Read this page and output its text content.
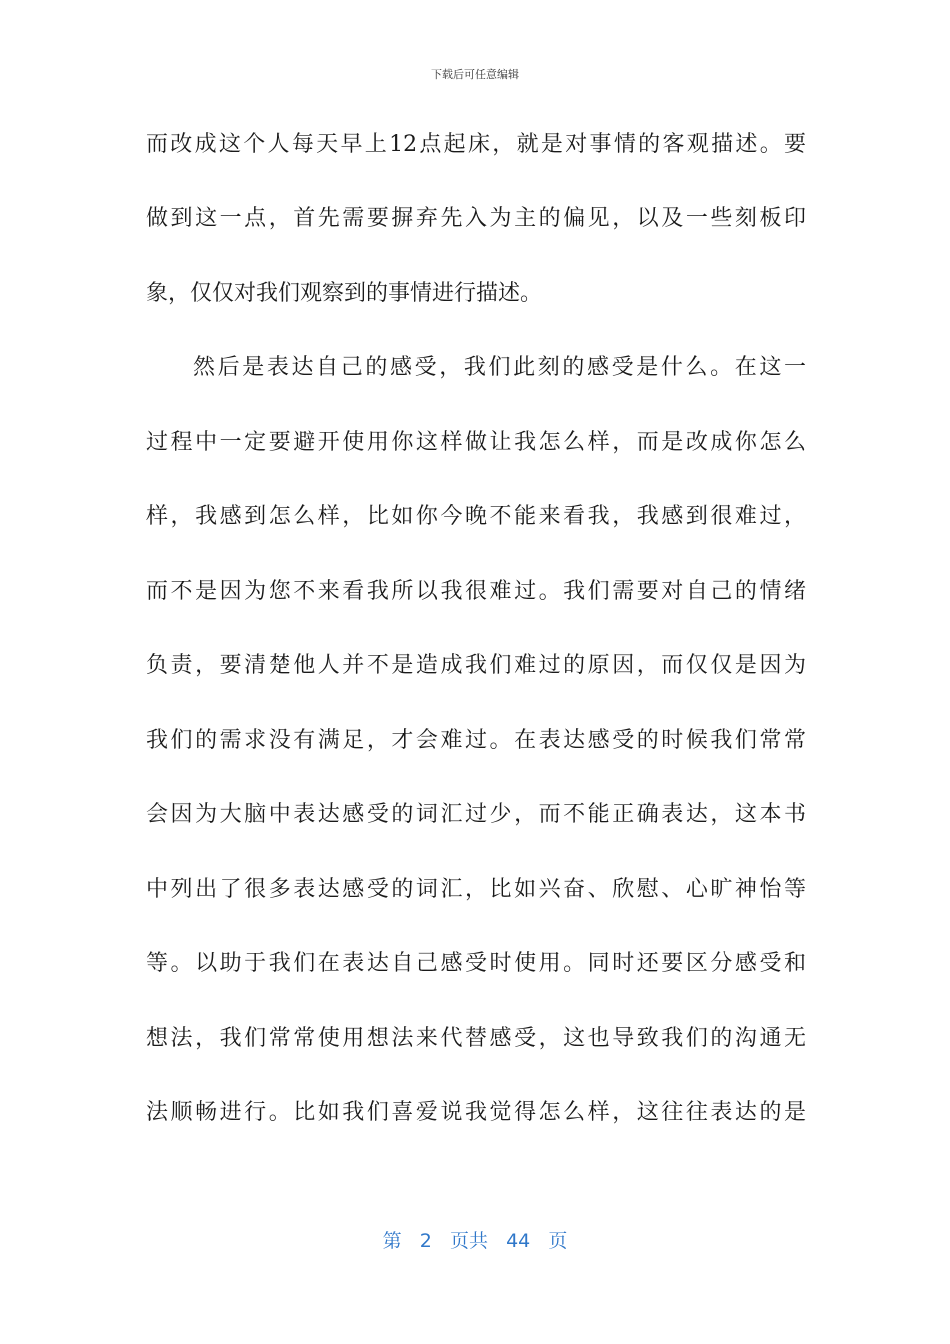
下载后可任意编辑
而改成这个人每天早上12点起床，就是对事情的客观描述。要
做到这一点，首先需要摒弃先入为主的偏见，以及一些刻板印
象，仅仅对我们观察到的事情进行描述。
然后是表达自己的感受，我们此刻的感受是什么。在这一
过程中一定要避开使用你这样做让我怎么样，而是改成你怎么
样，我感到怎么样，比如你今晚不能来看我，我感到很难过，
而不是因为您不来看我所以我很难过。我们需要对自己的情绪
负责，要清楚他人并不是造成我们难过的原因，而仅仅是因为
我们的需求没有满足，才会难过。在表达感受的时候我们常常
会因为大脑中表达感受的词汇过少，而不能正确表达，这本书
中列出了很多表达感受的词汇，比如兴奋、欣慰、心旷神怡等
等。以助于我们在表达自己感受时使用。同时还要区分感受和
想法，我们常常使用想法来代替感受，这也导致我们的沟通无
法顺畅进行。比如我们喜爱说我觉得怎么样，这往往表达的是
第 2 页共 44 页
